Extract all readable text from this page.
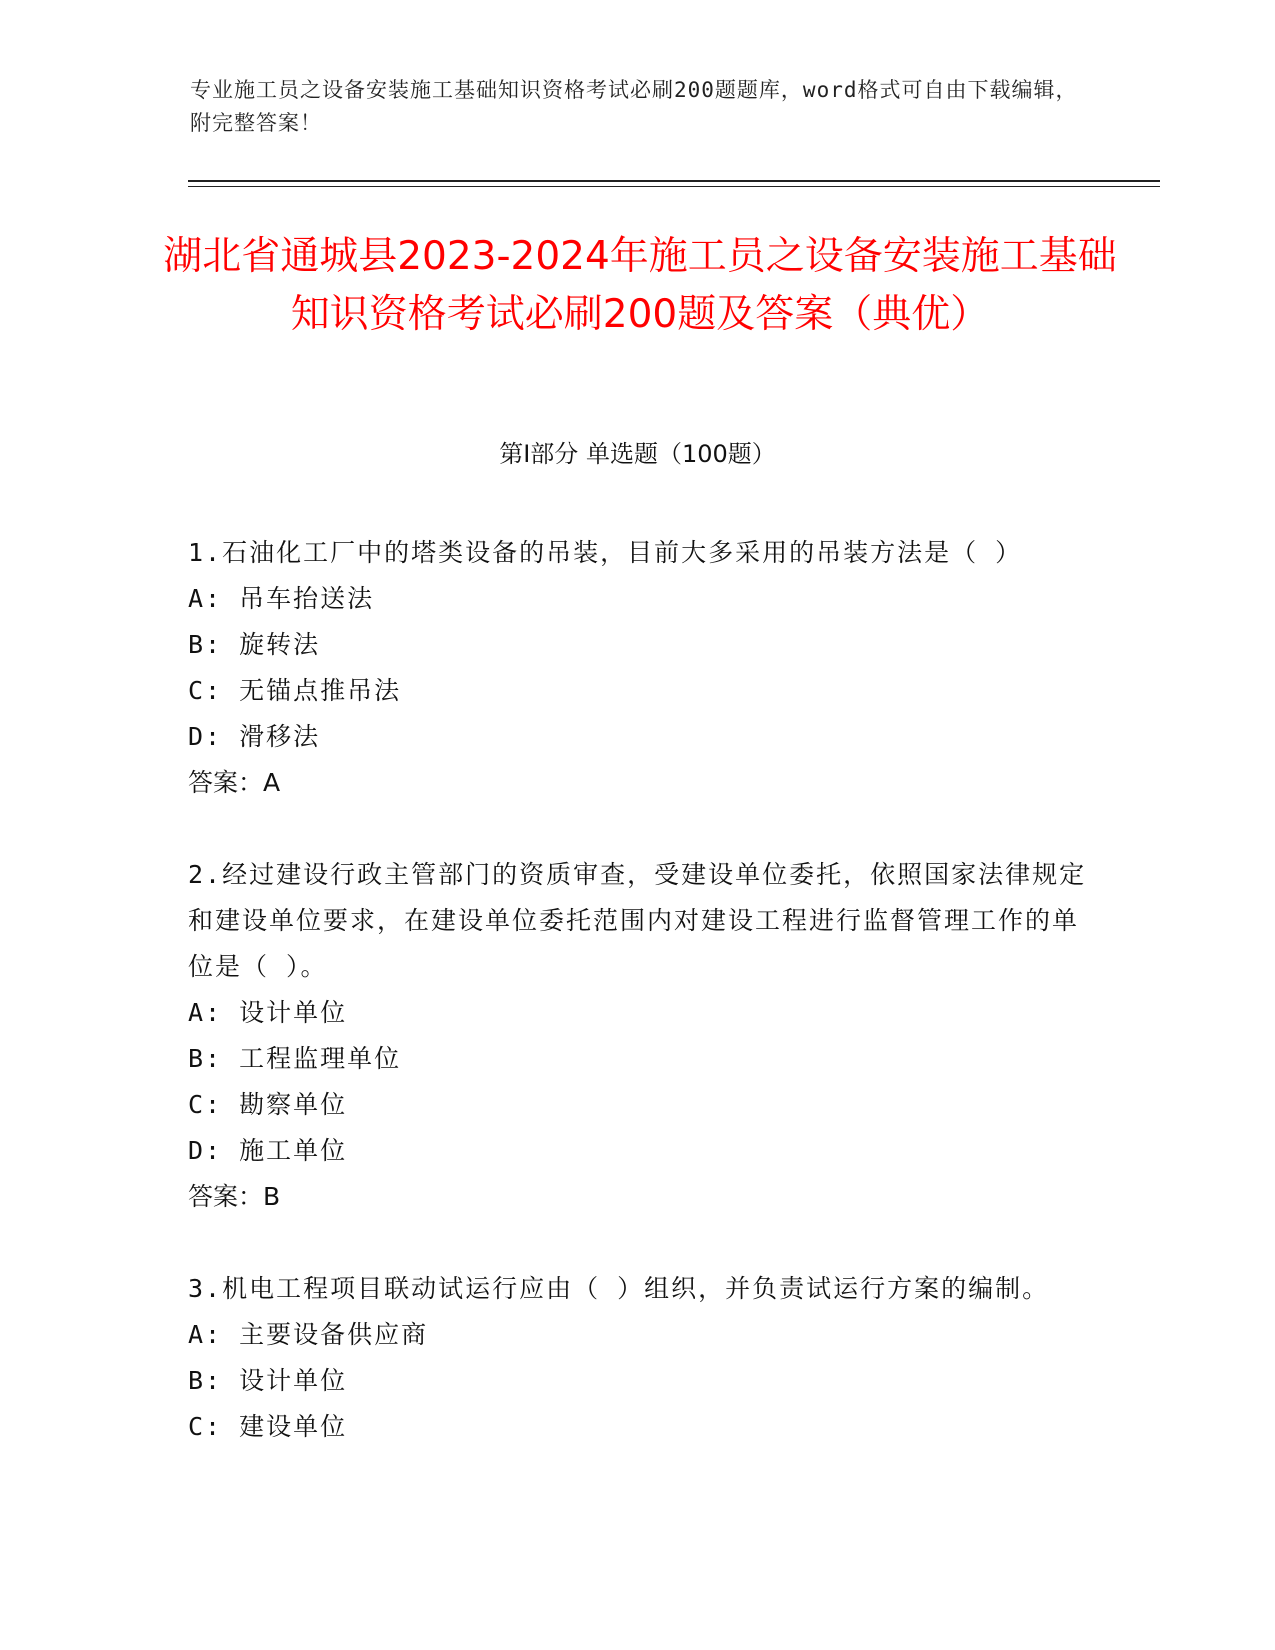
专业施工员之设备安装施工基础知识资格考试必刷200题题库，word格式可自由下载编辑，附完整答案！
湖北省通城县2023-2024年施工员之设备安装施工基础知识资格考试必刷200题及答案（典优）
第I部分 单选题（100题）
1.石油化工厂中的塔类设备的吊装，目前大多采用的吊装方法是（ ）
A: 吊车抬送法
B: 旋转法
C: 无锚点推吊法
D: 滑移法
答案：A
2.经过建设行政主管部门的资质审查，受建设单位委托，依照国家法律规定和建设单位要求，在建设单位委托范围内对建设工程进行监督管理工作的单位是（ ）。
A: 设计单位
B: 工程监理单位
C: 勘察单位
D: 施工单位
答案：B
3.机电工程项目联动试运行应由（ ）组织，并负责试运行方案的编制。
A: 主要设备供应商
B: 设计单位
C: 建设单位
